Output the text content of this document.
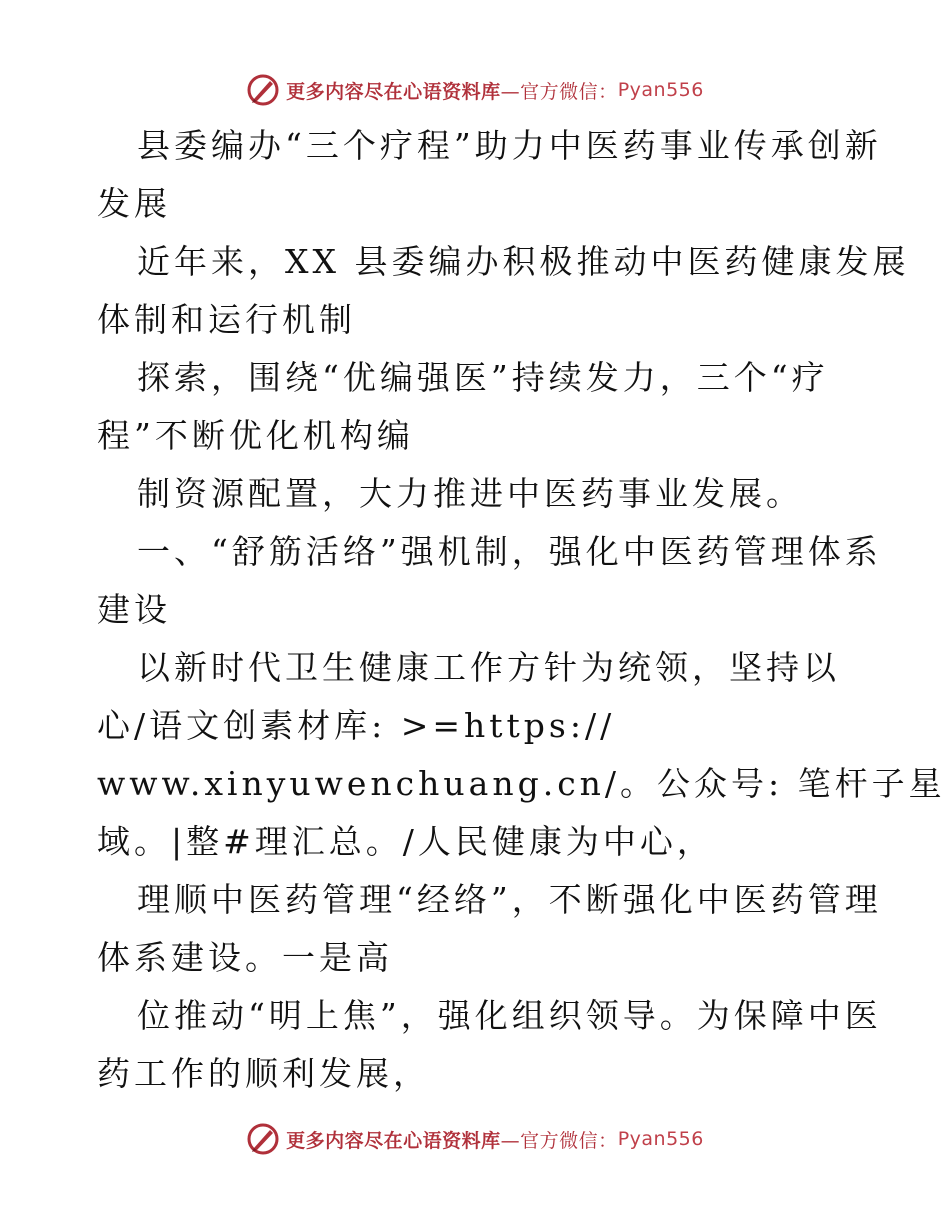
更多内容尽在心语资料库 —官方微信： Pyan556
县委编办“三个疗程”助力中医药事业传承创新
发展
近年来，XX 县委编办积极推动中医药健康发展
体制和运行机制
探索，围绕“优编强医”持续发力，三个“疗
程”不断优化机构编
制资源配置，大力推进中医药事业发展。
一、“舒筋活络”强机制，强化中医药管理体系
建设
以新时代卫生健康工作方针为统领，坚持以
心/语文创素材库: >=https://
www.xinyuwenchuang.cn/。公众号: 笔杆子星
域。|整#理汇总。/人民健康为中心，
理顺中医药管理“经络”，不断强化中医药管理
体系建设。一是高
位推动“明上焦”，强化组织领导。为保障中医
药工作的顺利发展，
更多内容尽在心语资料库 —官方微信： Pyan556
